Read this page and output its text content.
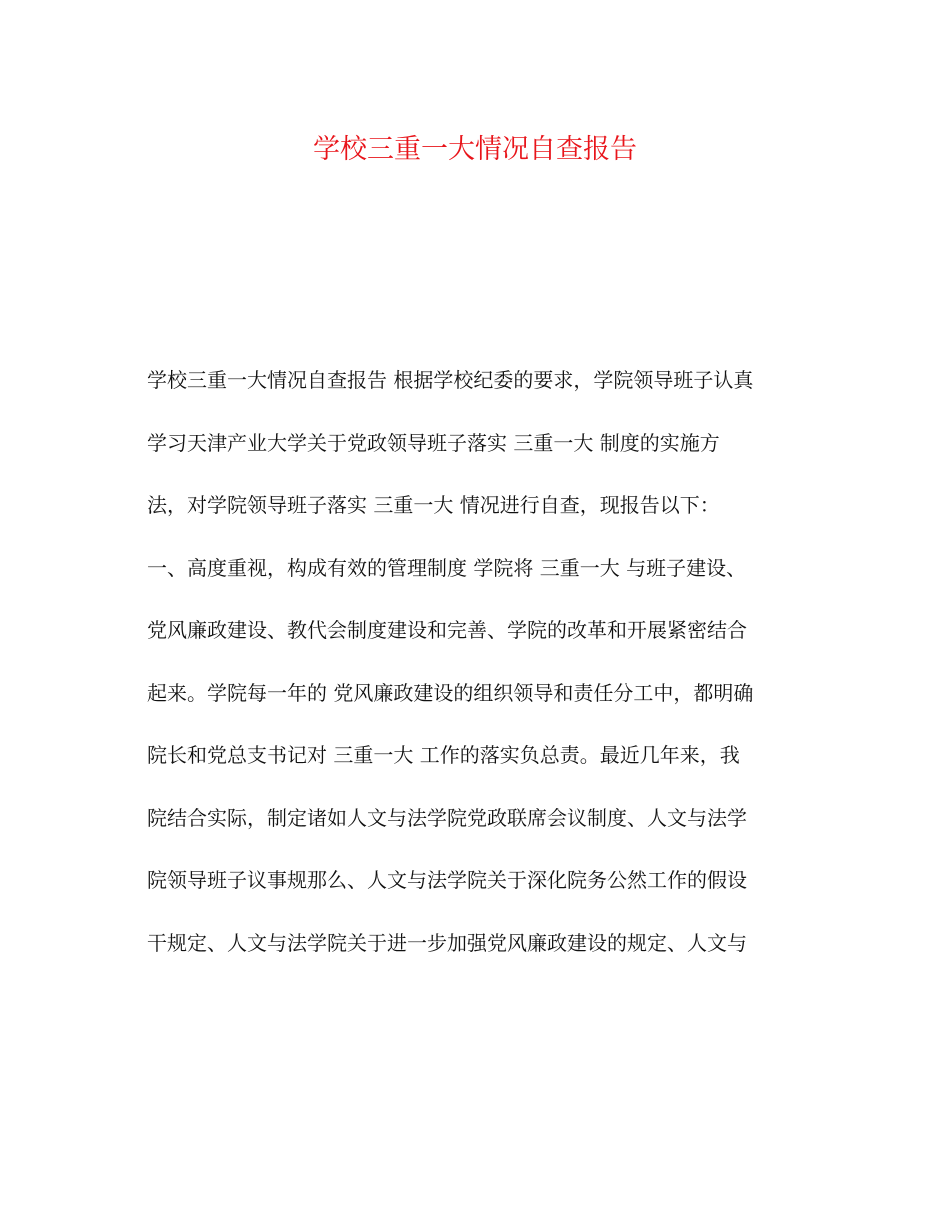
学校三重一大情况自查报告
学校三重一大情况自查报告 根据学校纪委的要求，学院领导班子认真
学习天津产业大学关于党政领导班子落实 三重一大 制度的实施方
法，对学院领导班子落实 三重一大 情况进行自查，现报告以下：
一、高度重视，构成有效的管理制度 学院将 三重一大 与班子建设、
党风廉政建设、教代会制度建设和完善、学院的改革和开展紧密结合
起来。学院每一年的 党风廉政建设的组织领导和责任分工中，都明确
院长和党总支书记对 三重一大 工作的落实负总责。最近几年来，我
院结合实际，制定诸如人文与法学院党政联席会议制度、人文与法学
院领导班子议事规那么、人文与法学院关于深化院务公然工作的假设
干规定、人文与法学院关于进一步加强党风廉政建设的规定、人文与
